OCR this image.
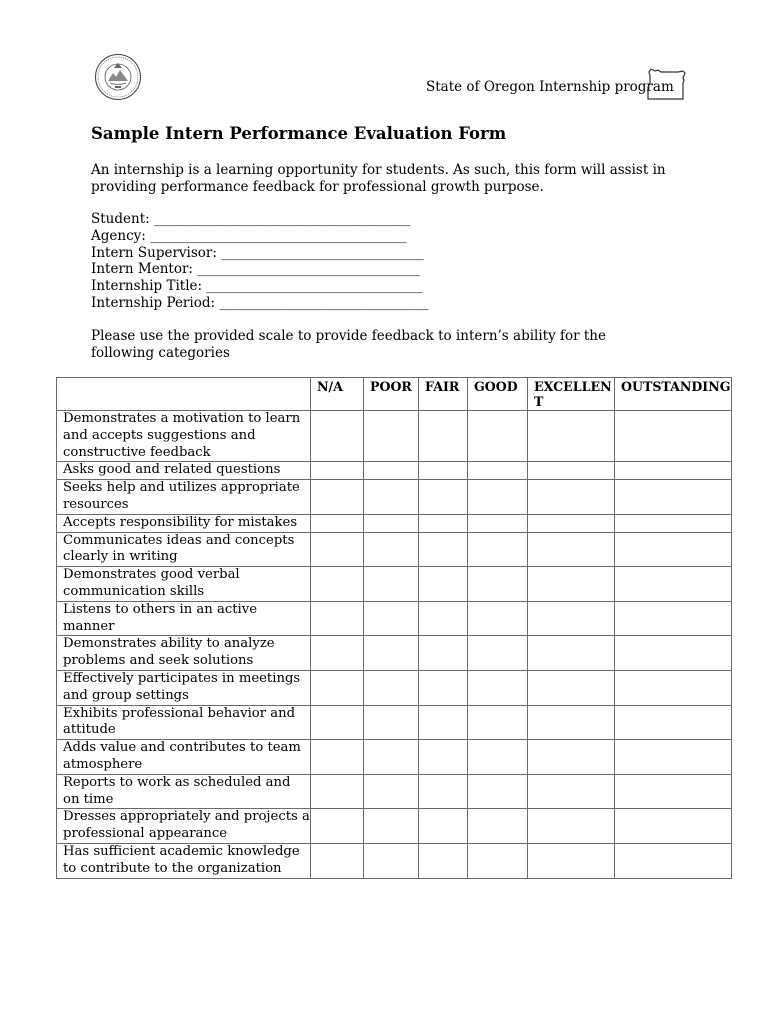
State of Oregon Internship program
Sample Intern Performance Evaluation Form

An internship is a learning opportunity for students. As such, this form will assist in providing performance feedback for professional growth purpose.

Student: ______________________________________
Agency: ______________________________________
Intern Supervisor: ______________________________
Intern Mentor: _________________________________
Internship Title: ________________________________
Internship Period: _______________________________

Please use the provided scale to provide feedback to intern’s ability for the following categories

	N/A	POOR	FAIR	GOOD	EXCELLENT	OUTSTANDING
Demonstrates a motivation to learn and accepts suggestions and constructive feedback						
Asks good and related questions						
Seeks help and utilizes appropriate resources						
Accepts responsibility for mistakes						
Communicates ideas and concepts clearly in writing						
Demonstrates good verbal communication skills						
Listens to others in an active manner						
Demonstrates ability to analyze problems and seek solutions						
Effectively participates in meetings and group settings						
Exhibits professional behavior and attitude						
Adds value and contributes to team atmosphere						
Reports to work as scheduled and on time						
Dresses appropriately and projects a professional appearance						
Has sufficient academic knowledge to contribute to the organization						
